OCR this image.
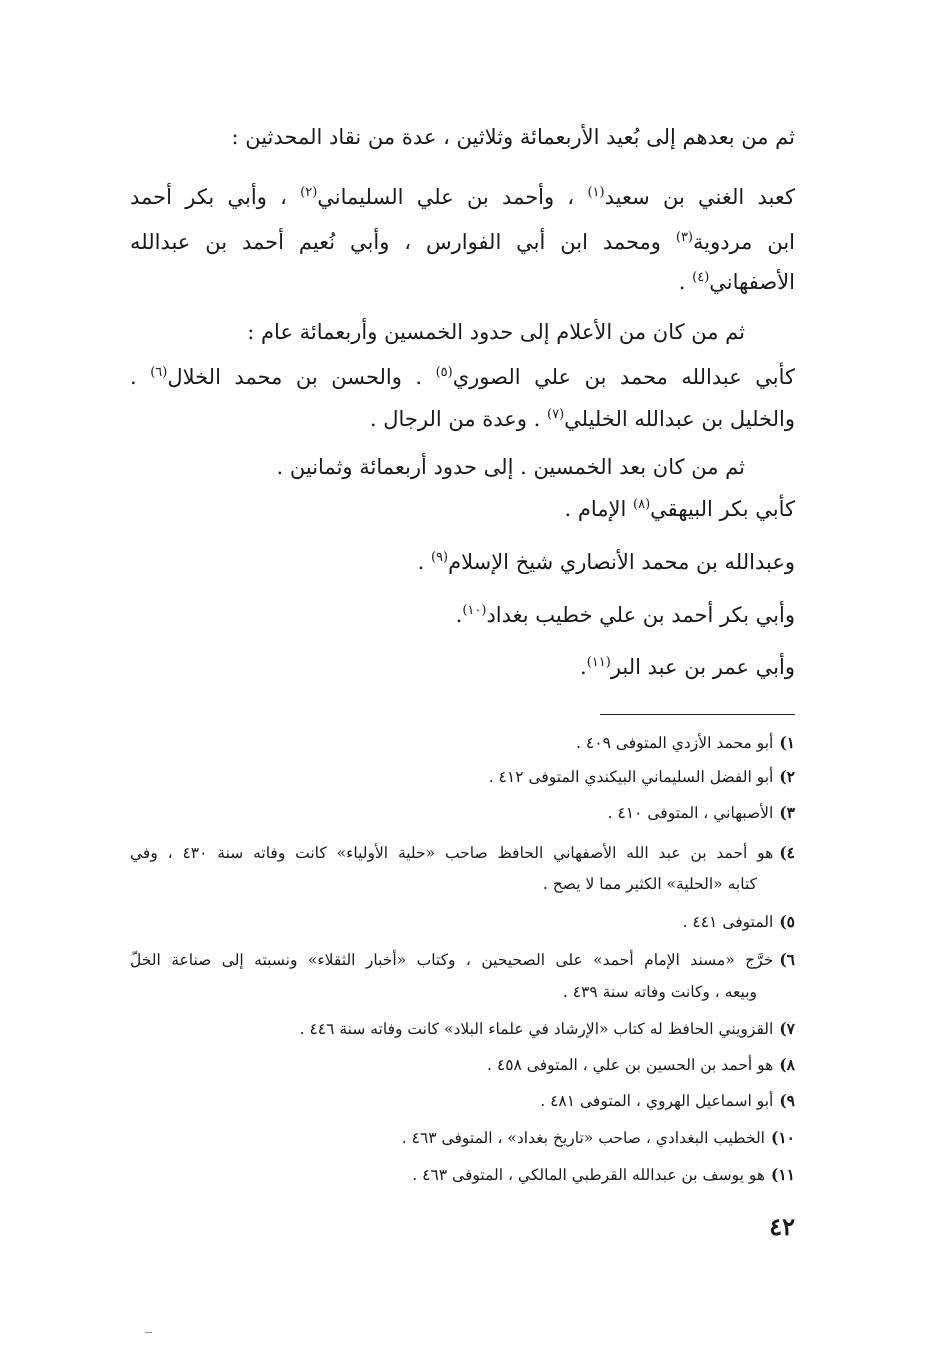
ثم من بعدهم إلى بُعيد الأربعمائة وثلاثين ، عدة من نقاد المحدثين :
كعبد الغني بن سعيد$^{(١)}$ ، وأحمد بن علي السليماني$^{(٢)}$ ، وأبي بكر أحمد
ابن مردوية$^{(٣)}$ ومحمد ابن أبي الفوارس ، وأبي نُعيم أحمد بن عبدالله
الأصفهاني$^{(٤)}$ .
ثم من كان من الأعلام إلى حدود الخمسين وأربعمائة عام :
كأبي عبدالله محمد بن علي الصوري$^{(٥)}$ . والحسن بن محمد الخلال$^{(٦)}$ .
والخليل بن عبدالله الخليلي$^{(٧)}$ . وعدة من الرجال .
ثم من كان بعد الخمسين . إلى حدود أربعمائة وثمانين .
كأبي بكر البيهقي$^{(٨)}$ الإمام .
وعبدالله بن محمد الأنصاري شيخ الإسلام$^{(٩)}$ .
وأبي بكر أحمد بن علي خطيب بغداد$^{(١٠)}$.
وأبي عمر بن عبد البر$^{(١١)}$.
١)أبو محمد الأزدي المتوفى ٤٠٩ .
٢)أبو الفضل السليماني البيكندي المتوفى ٤١٢ .
٣)الأصبهاني ، المتوفى ٤١٠ .
٤)هو أحمد بن عبد الله الأصفهاني الحافظ صاحب «حلية الأولياء» كانت وفاته سنة ٤٣٠ ، وفي
كتابه «الحلية» الكثير مما لا يصح .
٥)المتوفى ٤٤١ .
٦)خرَّج «مسند الإمام أحمد» على الصحيحين ، وكتاب «أخبار الثقلاء» ونسبته إلى صناعة الخلّ
وبيعه ، وكانت وفاته سنة ٤٣٩ .
٧)القزويني الحافظ له كتاب «الإرشاد في علماء البلاد» كانت وفاته سنة ٤٤٦ .
٨)هو أحمد بن الحسين بن علي ، المتوفى ٤٥٨ .
٩)أبو اسماعيل الهروي ، المتوفى ٤٨١ .
١٠)الخطيب البغدادي ، صاحب «تاريخ بغداد» ، المتوفى ٤٦٣ .
١١)هو يوسف بن عبدالله القرطبي المالكي ، المتوفى ٤٦٣ .
٤٢
